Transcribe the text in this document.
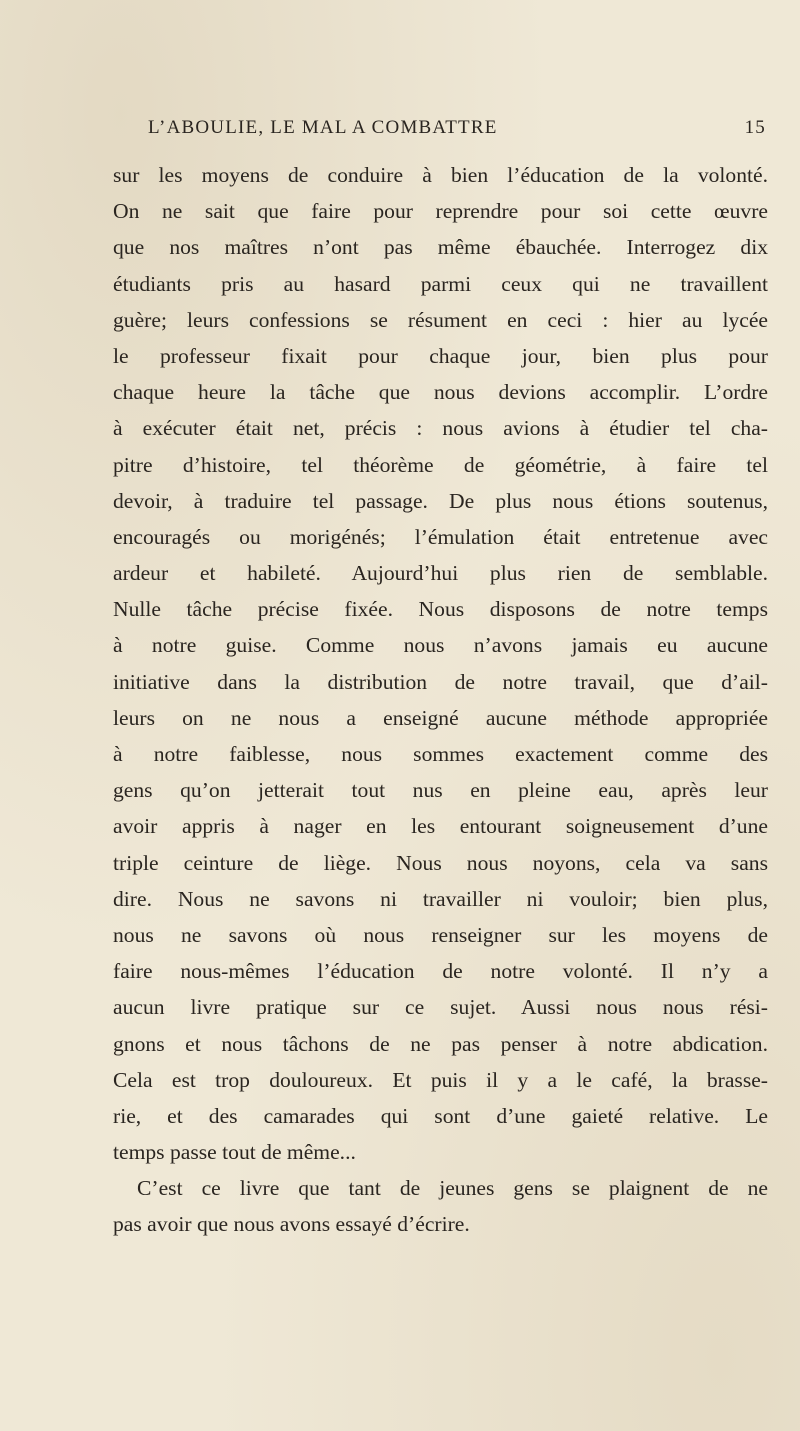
L’ABOULIE, LE MAL A COMBATTRE	15
sur les moyens de conduire à bien l’éducation de la volonté.
On ne sait que faire pour reprendre pour soi cette œuvre
que nos maîtres n’ont pas même ébauchée. Interrogez dix
étudiants pris au hasard parmi ceux qui ne travaillent
guère; leurs confessions se résument en ceci : hier au lycée
le professeur fixait pour chaque jour, bien plus pour
chaque heure la tâche que nous devions accomplir. L’ordre
à exécuter était net, précis : nous avions à étudier tel cha-
pitre d’histoire, tel théorème de géométrie, à faire tel
devoir, à traduire tel passage. De plus nous étions soutenus,
encouragés ou morigénés; l’émulation était entretenue avec
ardeur et habileté. Aujourd’hui plus rien de semblable.
Nulle tâche précise fixée. Nous disposons de notre temps
à notre guise. Comme nous n’avons jamais eu aucune
initiative dans la distribution de notre travail, que d’ail-
leurs on ne nous a enseigné aucune méthode appropriée
à notre faiblesse, nous sommes exactement comme des
gens qu’on jetterait tout nus en pleine eau, après leur
avoir appris à nager en les entourant soigneusement d’une
triple ceinture de liège. Nous nous noyons, cela va sans
dire. Nous ne savons ni travailler ni vouloir; bien plus,
nous ne savons où nous renseigner sur les moyens de
faire nous-mêmes l’éducation de notre volonté. Il n’y a
aucun livre pratique sur ce sujet. Aussi nous nous rési-
gnons et nous tâchons de ne pas penser à notre abdication.
Cela est trop douloureux. Et puis il y a le café, la brasse-
rie, et des camarades qui sont d’une gaieté relative. Le
temps passe tout de même...
C’est ce livre que tant de jeunes gens se plaignent de ne
pas avoir que nous avons essayé d’écrire.
